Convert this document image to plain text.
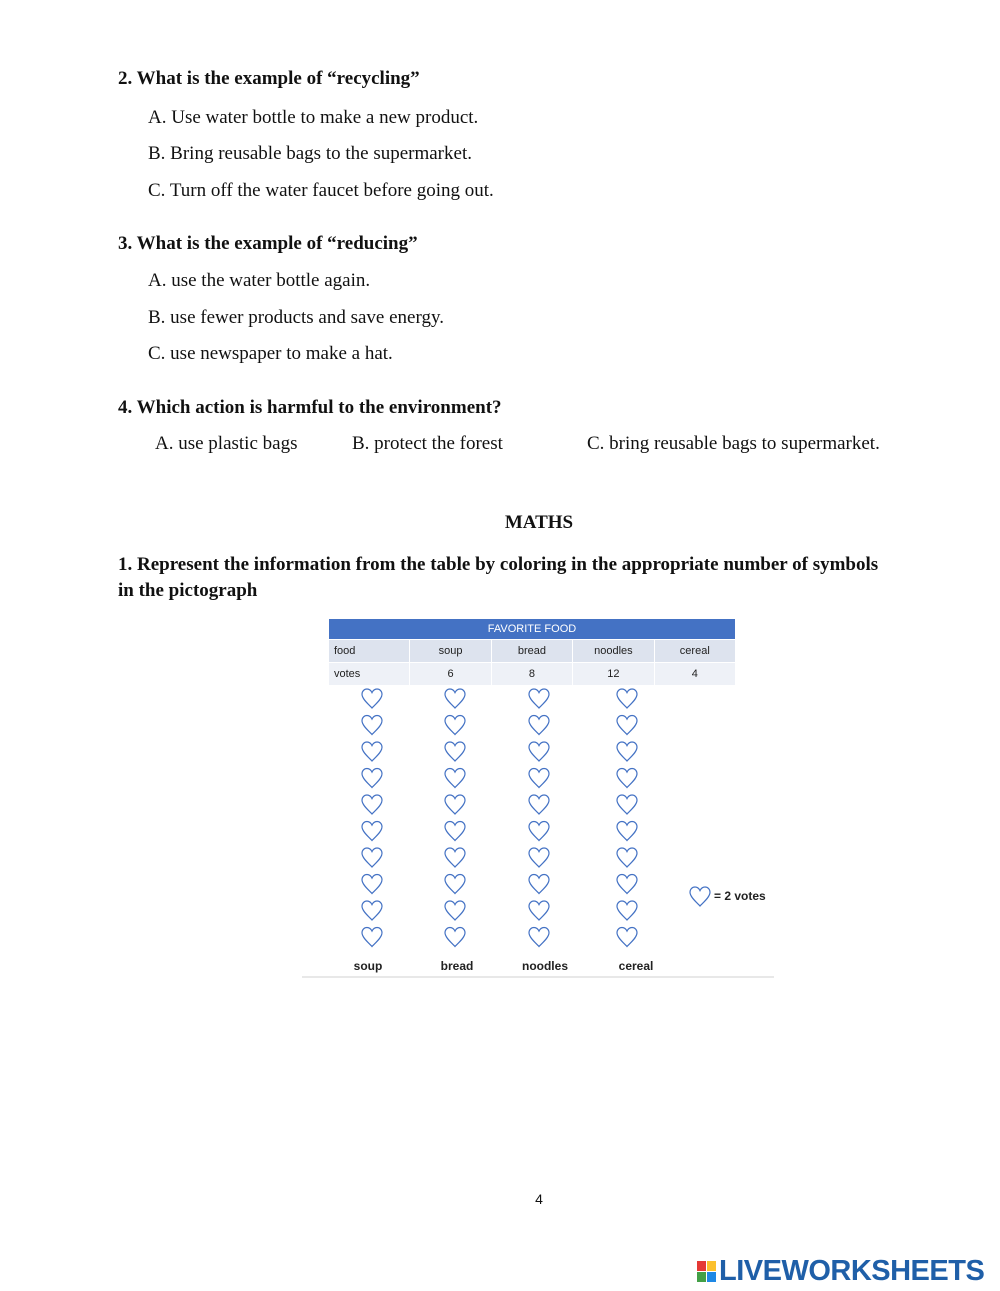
2. What is the example of “recycling”
A. Use water bottle to make a new product.
B. Bring reusable bags to the supermarket.
C. Turn off the water faucet before going out.
3. What is the example of “reducing”
A. use the water bottle again.
B. use fewer products and save energy.
C. use newspaper to make a hat.
4. Which action is harmful to the environment?
A. use plastic bags	B. protect the forest	C. bring reusable bags to supermarket.
MATHS
1. Represent the information from the table by coloring in the appropriate number of symbols in the pictograph
FAVORITE FOOD				
food	soup	bread	noodles	cereal
votes	6	8	12	4
soup	bread	noodles	cereal
= 2 votes
4
LIVEWORKSHEETS
